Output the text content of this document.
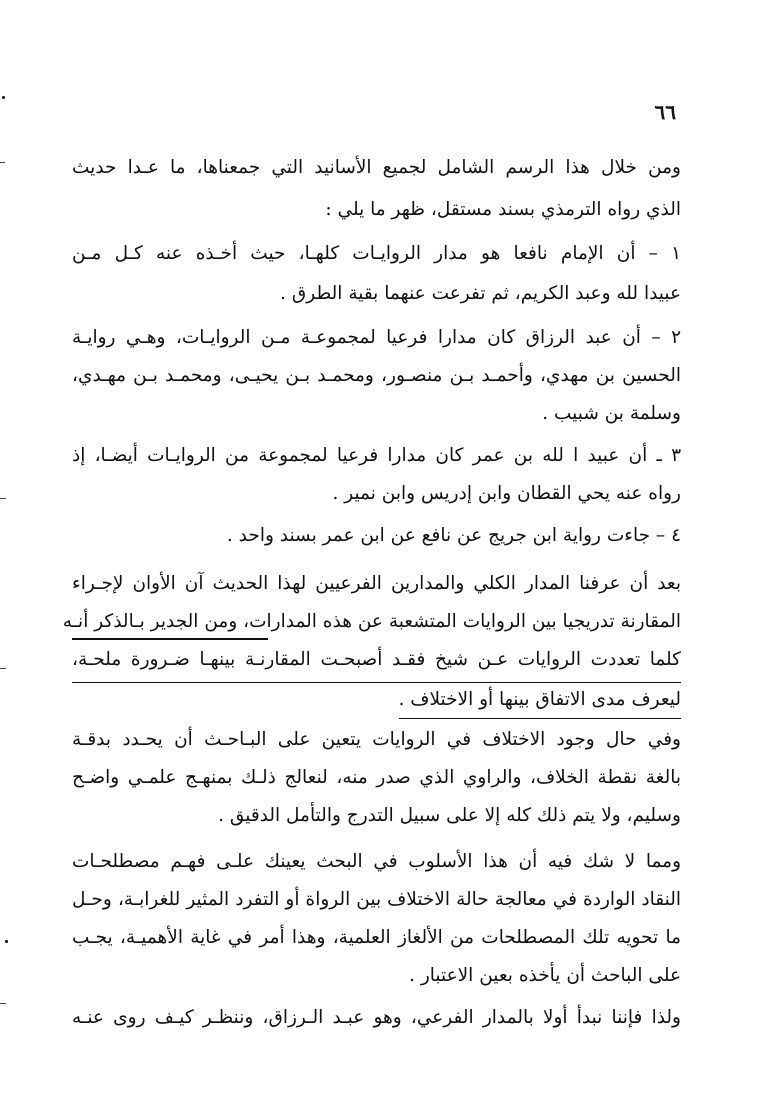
٦٦
ومن خلال هذا الرسم الشامل لجميع الأسانيد التي جمعناها، ما عـدا حديث
الذي رواه الترمذي بسند مستقل، ظهر ما يلي :
١ – أن الإمام نافعا هو مدار الروايـات كلهـا، حيث أخـذه عنه كـل مـن
عبيدا لله وعبد الكريم، ثم تفرعت عنهما بقية الطرق .
٢ – أن عبد الرزاق كان مدارا فرعيا لمجموعـة مـن الروايـات، وهـي روايـة
الحسين بن مهدي، وأحمـد بـن منصـور، ومحمـد بـن يحيـى، ومحمـد بـن مهـدي،
وسلمة بن شبيب .
٣ ـ أن عبيد ا لله بن عمر كان مدارا فرعيا لمجموعة من الروايـات أيضـا، إذ
رواه عنه يحي القطان وابن إدريس وابن نمير .
٤ – جاءت رواية ابن جريج عن نافع عن ابن عمر بسند واحد .
بعد أن عرفنا المدار الكلي والمدارين الفرعيين لهذا الحديث آن الأوان لإجـراء
المقارنة تدريجيا بين الروايات المتشعبة عن هذه المدارات، ومن الجدير بـالذكر أنـه
كلما تعددت الروايات عـن شيخ فقـد أصبحـت المقارنـة بينهـا ضـرورة ملحـة،
ليعرف مدى الاتفاق بينها أو الاختلاف .
وفي حال وجود الاختلاف في الروايات يتعين على البـاحـث أن يحـدد بدقـة
بالغة نقطة الخلاف، والراوي الذي صدر منه، لنعالج ذلـك بمنهـج علمـي واضـح
وسليم، ولا يتم ذلك كله إلا على سبيل التدرج والتأمل الدقيق .
ومما لا شك فيه أن هذا الأسلوب في البحث يعينك علـى فهـم مصطلحـات
النقاد الواردة في معالجة حالة الاختلاف بين الرواة أو التفرد المثير للغرابـة، وحـل
ما تحويه تلك المصطلحات من الألغاز العلمية، وهذا أمر في غاية الأهميـة، يجـب
على الباحث أن يأخذه بعين الاعتبار .
ولذا فإننا نبدأ أولا بالمدار الفرعي، وهو عبـد الـرزاق، وننظـر كيـف روى عنـه
